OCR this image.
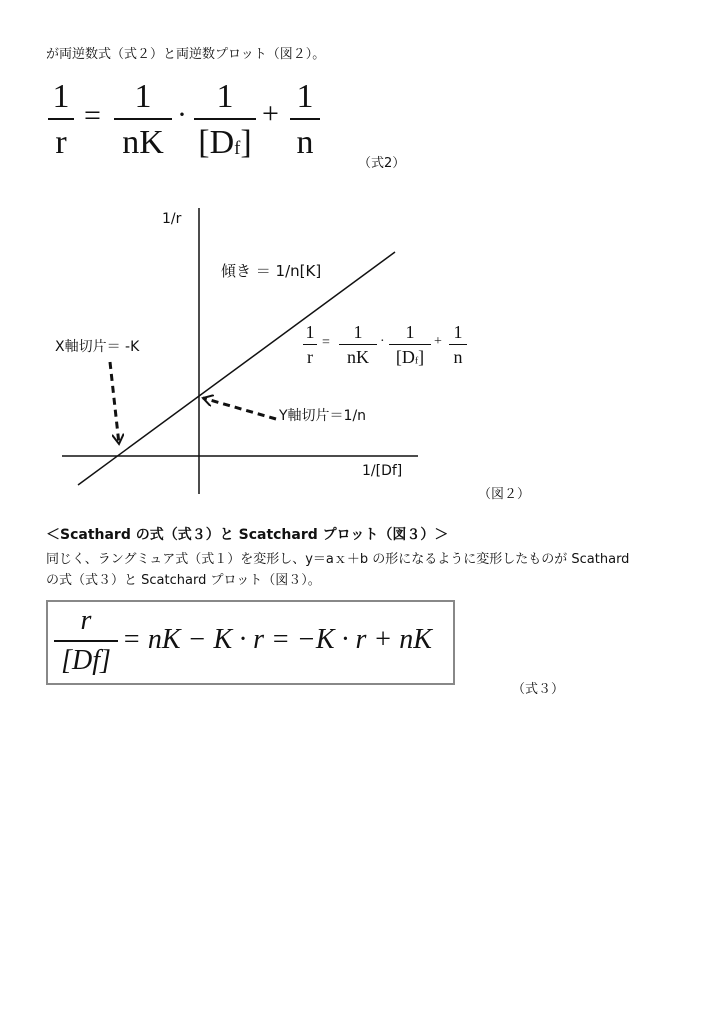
が両逆数式（式２）と両逆数プロット（図２）。
1
r
=
1
nK
· 1
[Df]
+ 1
n
（式2）
1/r
1/[Df]
傾き ＝ 1/n[K]
X軸切片＝ -K
Y軸切片＝1/n
（図２）
1
r
=
1
nK
·	1
[Df]
+ 1
n
＜Scathard の式（式３）と Scatchard プロット（図３）＞
同じく、ラングミュア式（式１）を変形し、y＝aｘ＋b の形になるように変形したものが Scathard
の式（式３）と Scatchard プロット（図３）。
r
[Df]
= nK − K · r = −K · r + nK
（式３）
